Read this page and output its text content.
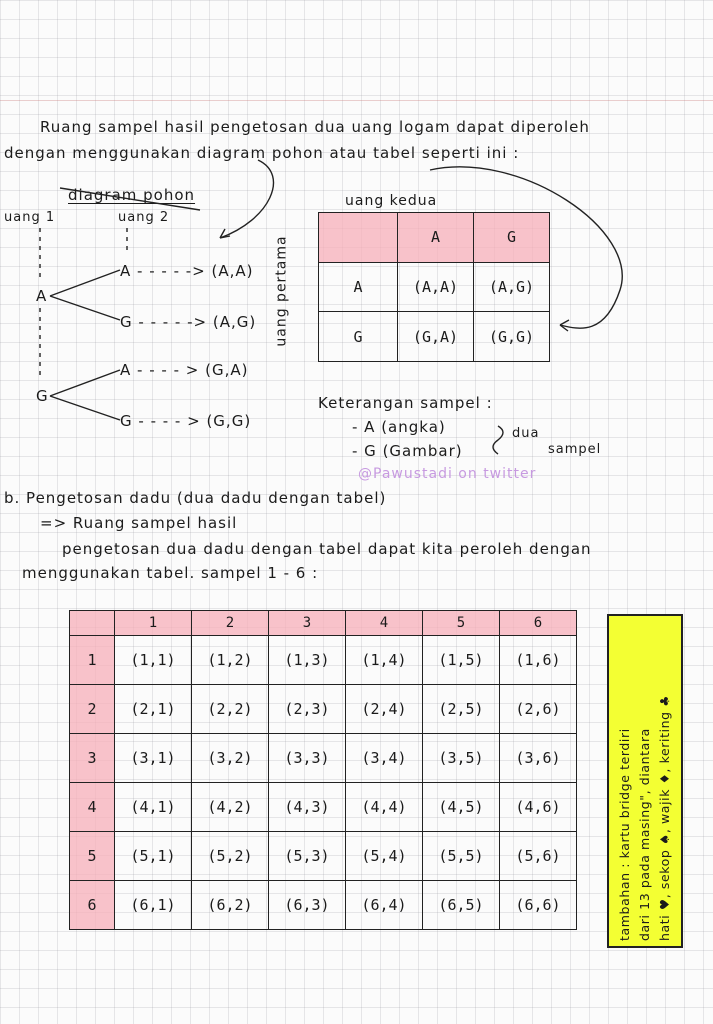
Ruang sampel hasil pengetosan dua uang logam dapat diperoleh
dengan menggunakan diagram pohon atau tabel seperti ini :
diagram pohon
uang 1	uang 2
A
G
A - - - - -> (A,A)
G - - - - -> (A,G)
A - - - - > (G,A)
G - - - - > (G,G)
uang kedua
uang pertama
		A	G
A	(A,A)	(A,G)
G	(G,A)	(G,G)
Keterangan sampel :
- A (angka)
- G (Gambar)
dua
sampel
@Pawustadi on twitter
b. Pengetosan dadu (dua dadu dengan tabel)
=> Ruang sampel hasil
pengetosan dua dadu dengan tabel dapat kita peroleh dengan
menggunakan tabel. sampel 1 - 6 :
	1	2	3	4	5	6
1	(1,1)	(1,2)	(1,3)	(1,4)	(1,5)	(1,6)
2	(2,1)	(2,2)	(2,3)	(2,4)	(2,5)	(2,6)
3	(3,1)	(3,2)	(3,3)	(3,4)	(3,5)	(3,6)
4	(4,1)	(4,2)	(4,3)	(4,4)	(4,5)	(4,6)
5	(5,1)	(5,2)	(5,3)	(5,4)	(5,5)	(5,6)
6	(6,1)	(6,2)	(6,3)	(6,4)	(6,5)	(6,6)	tambahan : kartu bridge terdiri dari 13 pada masing", diantara hati ♥, sekop ♠, wajik ♦, keriting ♣
